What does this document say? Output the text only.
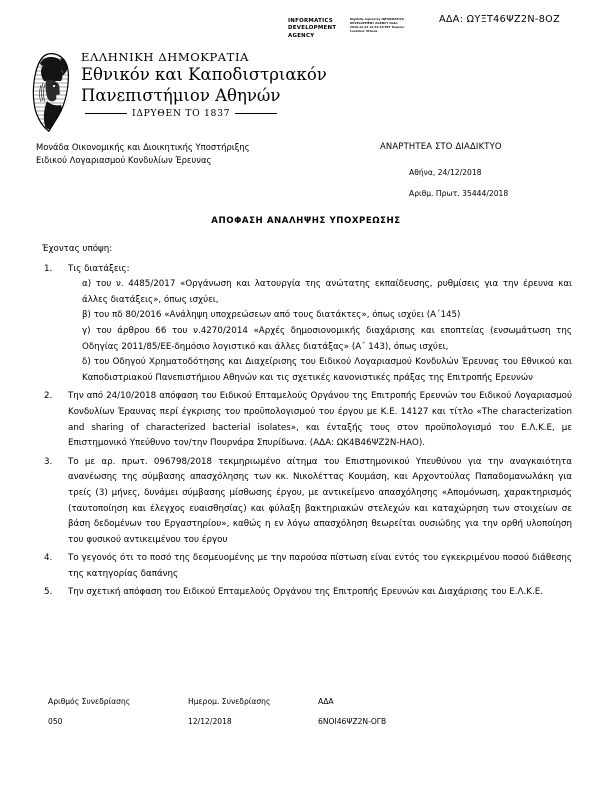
INFORMATICS DEVELOPMENT AGENCY
Digitally signed by INFORMATICS DEVELOPMENT AGENCY Date: 2018.12.24 12:31:18 EET Reason: Location: Athens
ΑΔΑ: ΩΥΞΤ46ΨΖ2Ν-8ΟΖ
ΕΛΛΗΝΙΚΗ ΔΗΜΟΚΡΑΤΙΑ
Εθνικόν και Καποδιστριακόν
Πανεπιστήμιον Αθηνών
ΙΔΡΥΘΕΝ ΤΟ 1837
Μονάδα Οικονομικής και Διοικητικής Υποστήριξης
Ειδικού Λογαριασμού Κονδυλίων Έρευνας
ΑΝΑΡΤΗΤΕΑ ΣΤΟ ΔΙΑΔΙΚΤΥΟ
Αθήνα, 24/12/2018
Αριθμ. Πρωτ. 35444/2018
ΑΠΟΦΑΣΗ ΑΝΑΛΗΨΗΣ ΥΠΟΧΡΕΩΣΗΣ
Έχοντας υπόψη:
1.	Τις διατάξεις:

α) του ν. 4485/2017 «Οργάνωση και λατουργία της ανώτατης εκπαίδευσης, ρυθμίσεις για την έρευνα και άλλες διατάξεις», όπως ισχύει,

β) του πδ 80/2016 «Ανάληψη υποχρεώσεων από τους διατάκτες», όπως ισχύει (Α΄145)

γ) του άρθρου 66 του ν.4270/2014 «Αρχές δημοσιονομικής διαχάρισης και εποπτείας (ενσωμάτωση της Οδηγίας 2011/85/ΕΕ-δημόσιο λογιστικό και άλλες διατάξας» (Α΄ 143), όπως ισχύει,

δ) του Οδηγού Χρηματοδότησης και Διαχείρισης του Ειδικού Λογαριασμού Κονδυλών Έρευνας του Εθνικού και Καποδιστριακού Πανεπιστήμιου Αθηνών και τις σχετικές κανονιστικές πράξας της Επιτροπής Ερευνών

2.	Την από 24/10/2018 απόφαση του Ειδικού Επταμελούς Οργάνου της Επιτροπής Ερευνών του Ειδικού Λογαριασμού Κονδυλίων Έραυνας περί έγκρισης του προϋπολογισμού του έργου με Κ.Ε. 14127 και τίτλο «The characterization and sharing of characterized bacterial isolates», και ένταξής τους στον προϋπολογισμό του Ε.Λ.Κ.Ε, με Επιστημονικό Υπεύθυνο τον/την Πουρνάρα Σπυρίδωνα. (ΑΔΑ: ΩΚ4Β46ΨΖ2Ν-ΗΑΟ).
3.	Το με αρ. πρωτ. 096798/2018 τεκμηριωμένο αίτημα του Επιστημονικού Υπευθύνου για την αναγκαιότητα ανανέωσης της σύμβασης απασχόλησης των κκ. Νικολέττας Κουμάση, και Αρχοντούλας Παπαδομανωλάκη για τρείς (3) μήνες, δυνάμει σύμβασης μίσθωσης έργου, με αντικείμενο απασχόλησης «Απομόνωση, χαρακτηρισμός (ταυτοποίηση και έλεγχος ευαισθησίας) και φύλαξη βακτηριακών στελεχών και καταχώρηση των στοιχείων σε βάση δεδομένων του Εργαστηρίου», καθώς η εν λόγω απασχόληση θεωρείται ουσιώδης για την ορθή υλοποίηση του φυσικού αντικειμένου του έργου
4.	Το γεγονός ότι το ποσό της δεσμευομένης με την παρούσα πίστωση είναι εντός του εγκεκριμένου ποσού διάθεσης της κατηγορίας δαπάνης
5.	Την σχετική απόφαση του Ειδικού Επταμελούς Οργάνου της Επιτροπής Ερευνών και Διαχάρισης του Ε.Λ.Κ.Ε.
Αριθμός Συνεδρίασης	Ημερομ. Συνεδρίασης	ΑΔΑ
050	12/12/2018	6ΝΟΙ46ΨΖ2Ν-ΟΓΒ
